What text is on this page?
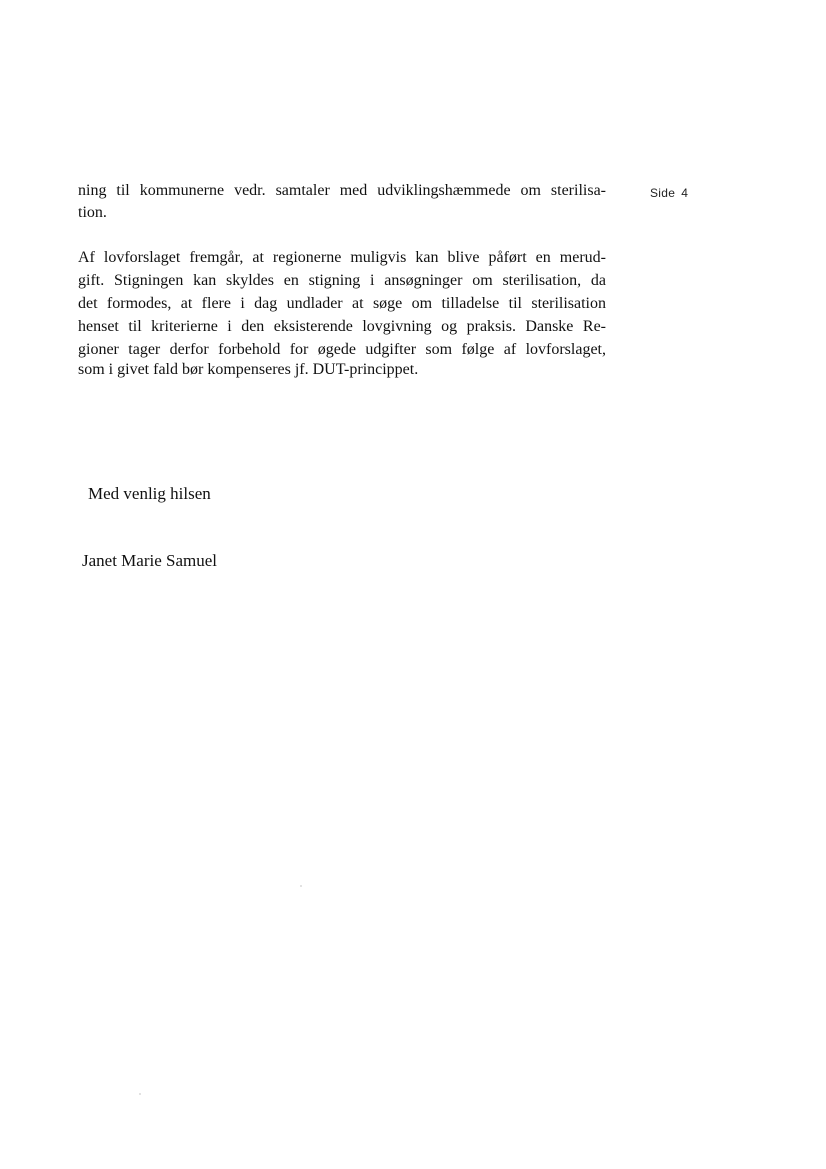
Side 4
ning til kommunerne vedr. samtaler med udviklingshæmmede om sterilisa-
tion.
Af lovforslaget fremgår, at regionerne muligvis kan blive påført en merud-
gift. Stigningen kan skyldes en stigning i ansøgninger om sterilisation, da
det formodes, at flere i dag undlader at søge om tilladelse til sterilisation
henset til kriterierne i den eksisterende lovgivning og praksis. Danske Re-
gioner tager derfor forbehold for øgede udgifter som følge af lovforslaget,
som i givet fald bør kompenseres jf. DUT-princippet.
Med venlig hilsen
Janet Marie Samuel
